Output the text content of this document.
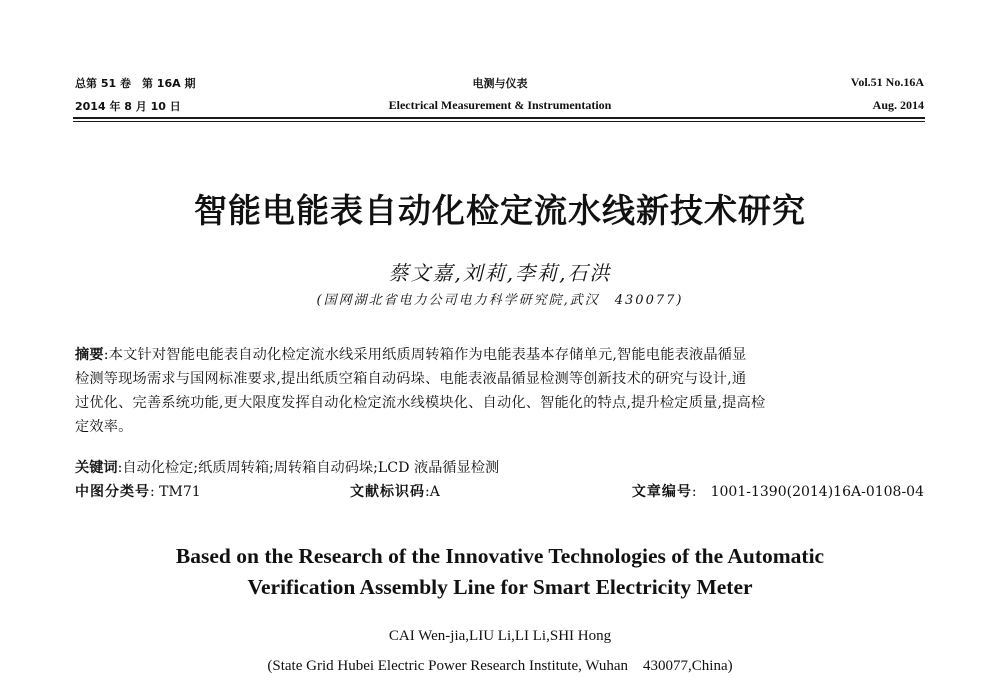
总第 51 卷　第 16A 期
2014 年 8 月 10 日
电测与仪表
Electrical Measurement & Instrumentation
Vol.51 No.16A
Aug. 2014
智能电能表自动化检定流水线新技术研究
蔡文嘉,刘莉,李莉,石洪
(国网湖北省电力公司电力科学研究院,武汉　430077)
摘要:本文针对智能电能表自动化检定流水线采用纸质周转箱作为电能表基本存储单元,智能电能表液晶循显
检测等现场需求与国网标准要求,提出纸质空箱自动码垛、电能表液晶循显检测等创新技术的研究与设计,通
过优化、完善系统功能,更大限度发挥自动化检定流水线模块化、自动化、智能化的特点,提升检定质量,提高检
定效率。
关键词:自动化检定;纸质周转箱;周转箱自动码垛;LCD 液晶循显检测
中图分类号: TM71	文献标识码:A	文章编号:　1001-1390(2014)16A-0108-04
Based on the Research of the Innovative Technologies of the Automatic
Verification Assembly Line for Smart Electricity Meter
CAI Wen-jia,LIU Li,LI Li,SHI Hong
(State Grid Hubei Electric Power Research Institute, Wuhan　430077,China)
